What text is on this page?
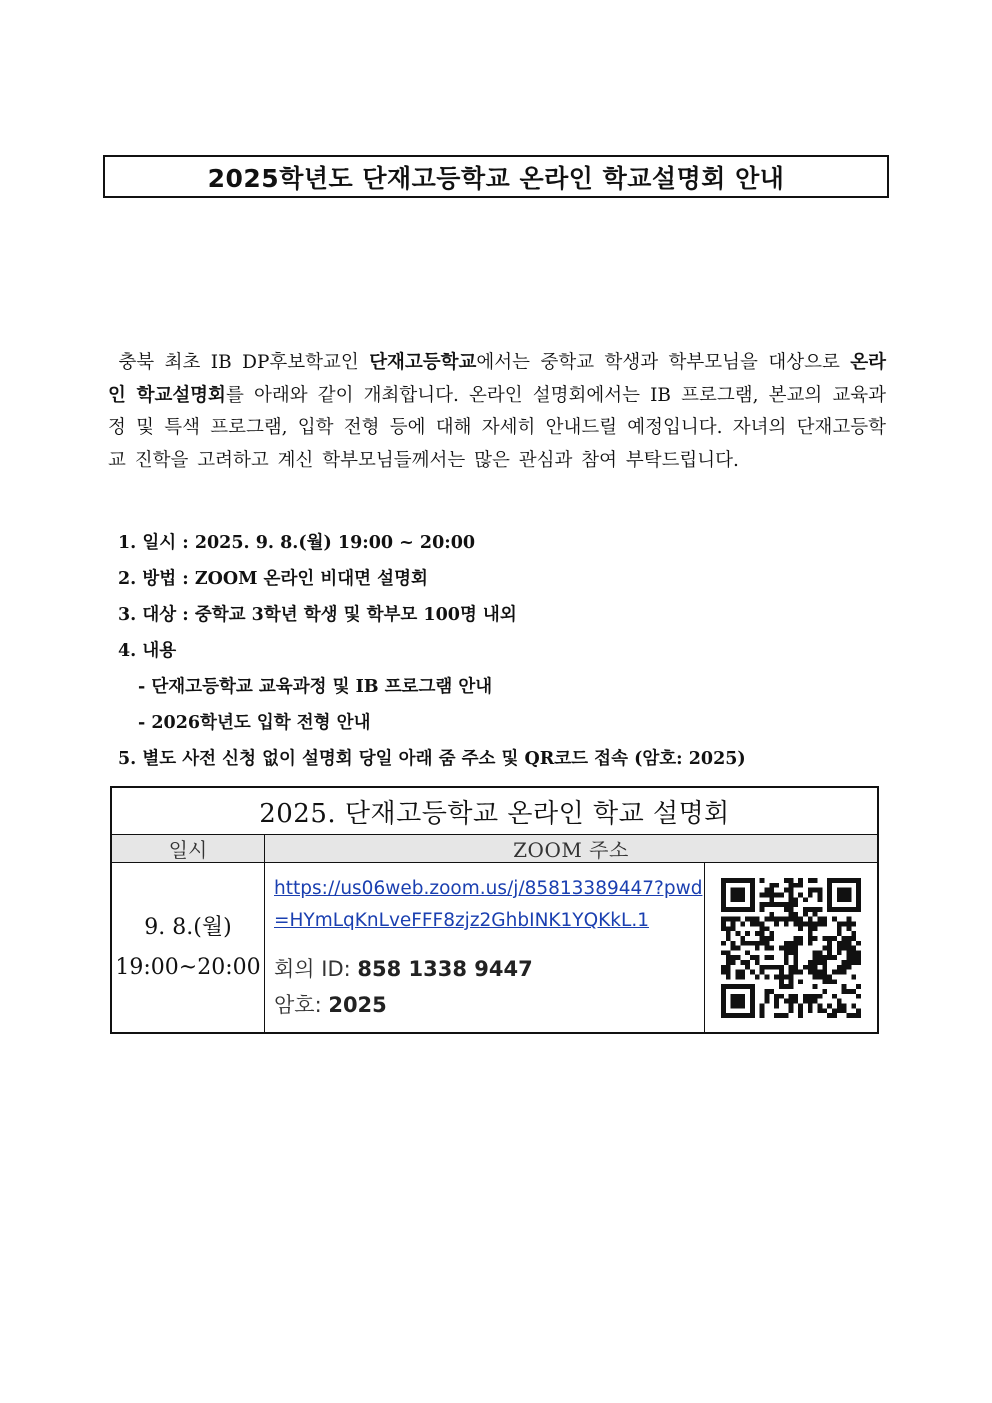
2025학년도 단재고등학교 온라인 학교설명회 안내
충북 최초 IB DP후보학교인 단재고등학교에서는 중학교 학생과 학부모님을 대상으로 온라인 학교설명회를 아래와 같이 개최합니다. 온라인 설명회에서는 IB 프로그램, 본교의 교육과정 및 특색 프로그램, 입학 전형 등에 대해 자세히 안내드릴 예정입니다. 자녀의 단재고등학교 진학을 고려하고 계신 학부모님들께서는 많은 관심과 참여 부탁드립니다.
1. 일시 : 2025. 9. 8.(월) 19:00 ~ 20:00
2. 방법 : ZOOM 온라인 비대면 설명회
3. 대상 : 중학교 3학년 학생 및 학부모 100명 내외
4. 내용
- 단재고등학교 교육과정 및 IB 프로그램 안내
- 2026학년도 입학 전형 안내
5. 별도 사전 신청 없이 설명회 당일 아래 줌 주소 및 QR코드 접속 (암호: 2025)
2025. 단재고등학교 온라인 학교 설명회
일시	ZOOM 주소
9. 8.(월)
19:00~20:00
https://us06web.zoom.us/j/85813389447?pwd=HYmLqKnLveFFF8zjz2GhbINK1YQKkL.1
회의 ID: 858 1338 9447
암호: 2025
